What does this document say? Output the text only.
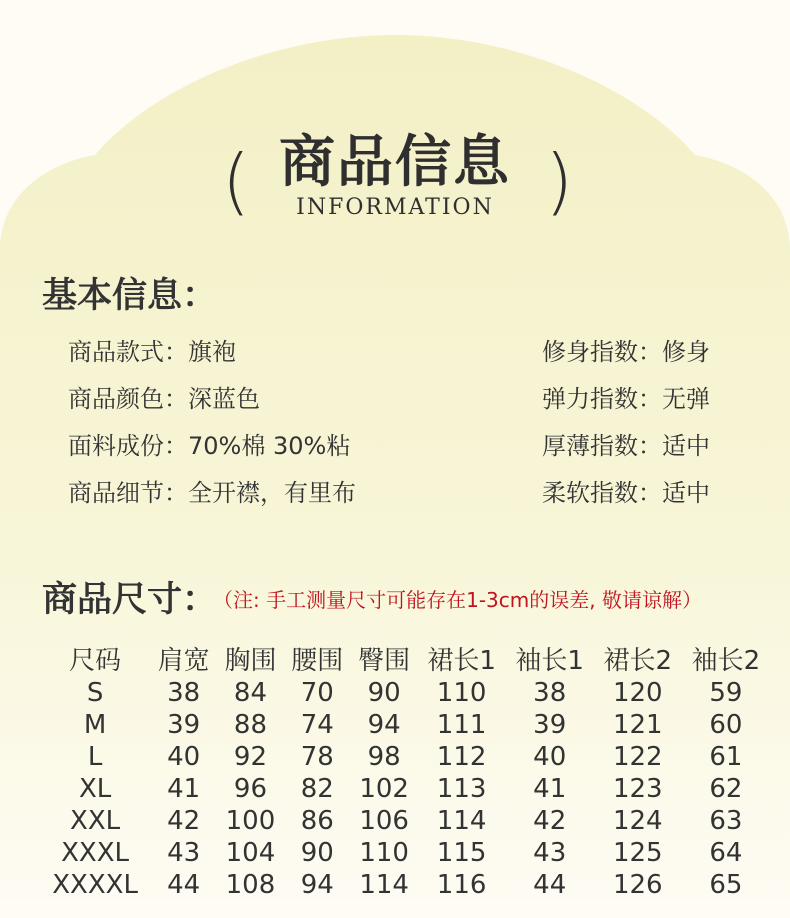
( 商品信息
INFORMATION )
基本信息：
商品款式：旗袍
商品颜色：深蓝色
面料成份：70%棉 30%粘
商品细节：全开襟，有里布
修身指数：修身
弹力指数：无弹
厚薄指数：适中
柔软指数：适中
商品尺寸： （注: 手工测量尺寸可能存在1-3cm的误差, 敬请谅解）
尺码	肩宽	胸围	腰围	臀围	裙长1	袖长1	裙长2	袖长2
S	38	84	70	90	110	38	120	59
M	39	88	74	94	111	39	121	60
L	40	92	78	98	112	40	122	61
XL	41	96	82	102	113	41	123	62
XXL	42	100	86	106	114	42	124	63
XXXL	43	104	90	110	115	43	125	64
XXXXL	44	108	94	114	116	44	126	65
